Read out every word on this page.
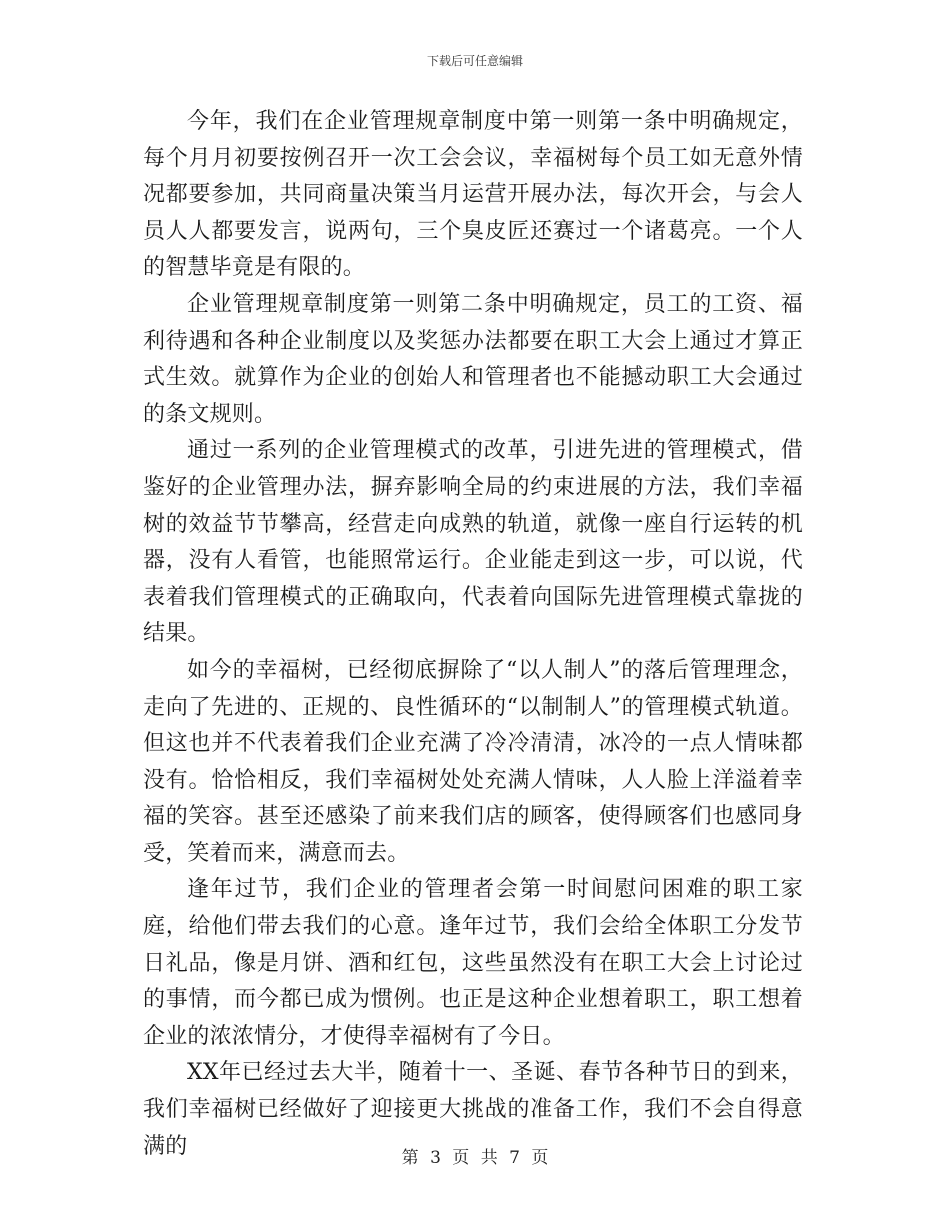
下载后可任意编辑

今年，我们在企业管理规章制度中第一则第一条中明确规定，每个月月初要按例召开一次工会会议，幸福树每个员工如无意外情况都要参加，共同商量决策当月运营开展办法，每次开会，与会人员人人都要发言，说两句，三个臭皮匠还赛过一个诸葛亮。一个人的智慧毕竟是有限的。

企业管理规章制度第一则第二条中明确规定，员工的工资、福利待遇和各种企业制度以及奖惩办法都要在职工大会上通过才算正式生效。就算作为企业的创始人和管理者也不能撼动职工大会通过的条文规则。

通过一系列的企业管理模式的改革，引进先进的管理模式，借鉴好的企业管理办法，摒弃影响全局的约束进展的方法，我们幸福树的效益节节攀高，经营走向成熟的轨道，就像一座自行运转的机器，没有人看管，也能照常运行。企业能走到这一步，可以说，代表着我们管理模式的正确取向，代表着向国际先进管理模式靠拢的结果。

如今的幸福树，已经彻底摒除了“以人制人”的落后管理理念，走向了先进的、正规的、良性循环的“以制制人”的管理模式轨道。但这也并不代表着我们企业充满了冷冷清清，冰冷的一点人情味都没有。恰恰相反，我们幸福树处处充满人情味，人人脸上洋溢着幸福的笑容。甚至还感染了前来我们店的顾客，使得顾客们也感同身受，笑着而来，满意而去。

逢年过节，我们企业的管理者会第一时间慰问困难的职工家庭，给他们带去我们的心意。逢年过节，我们会给全体职工分发节日礼品，像是月饼、酒和红包，这些虽然没有在职工大会上讨论过的事情，而今都已成为惯例。也正是这种企业想着职工，职工想着企业的浓浓情分，才使得幸福树有了今日。

XX年已经过去大半，随着十一、圣诞、春节各种节日的到来，我们幸福树已经做好了迎接更大挑战的准备工作，我们不会自得意满的	第 3 页 共 7 页
